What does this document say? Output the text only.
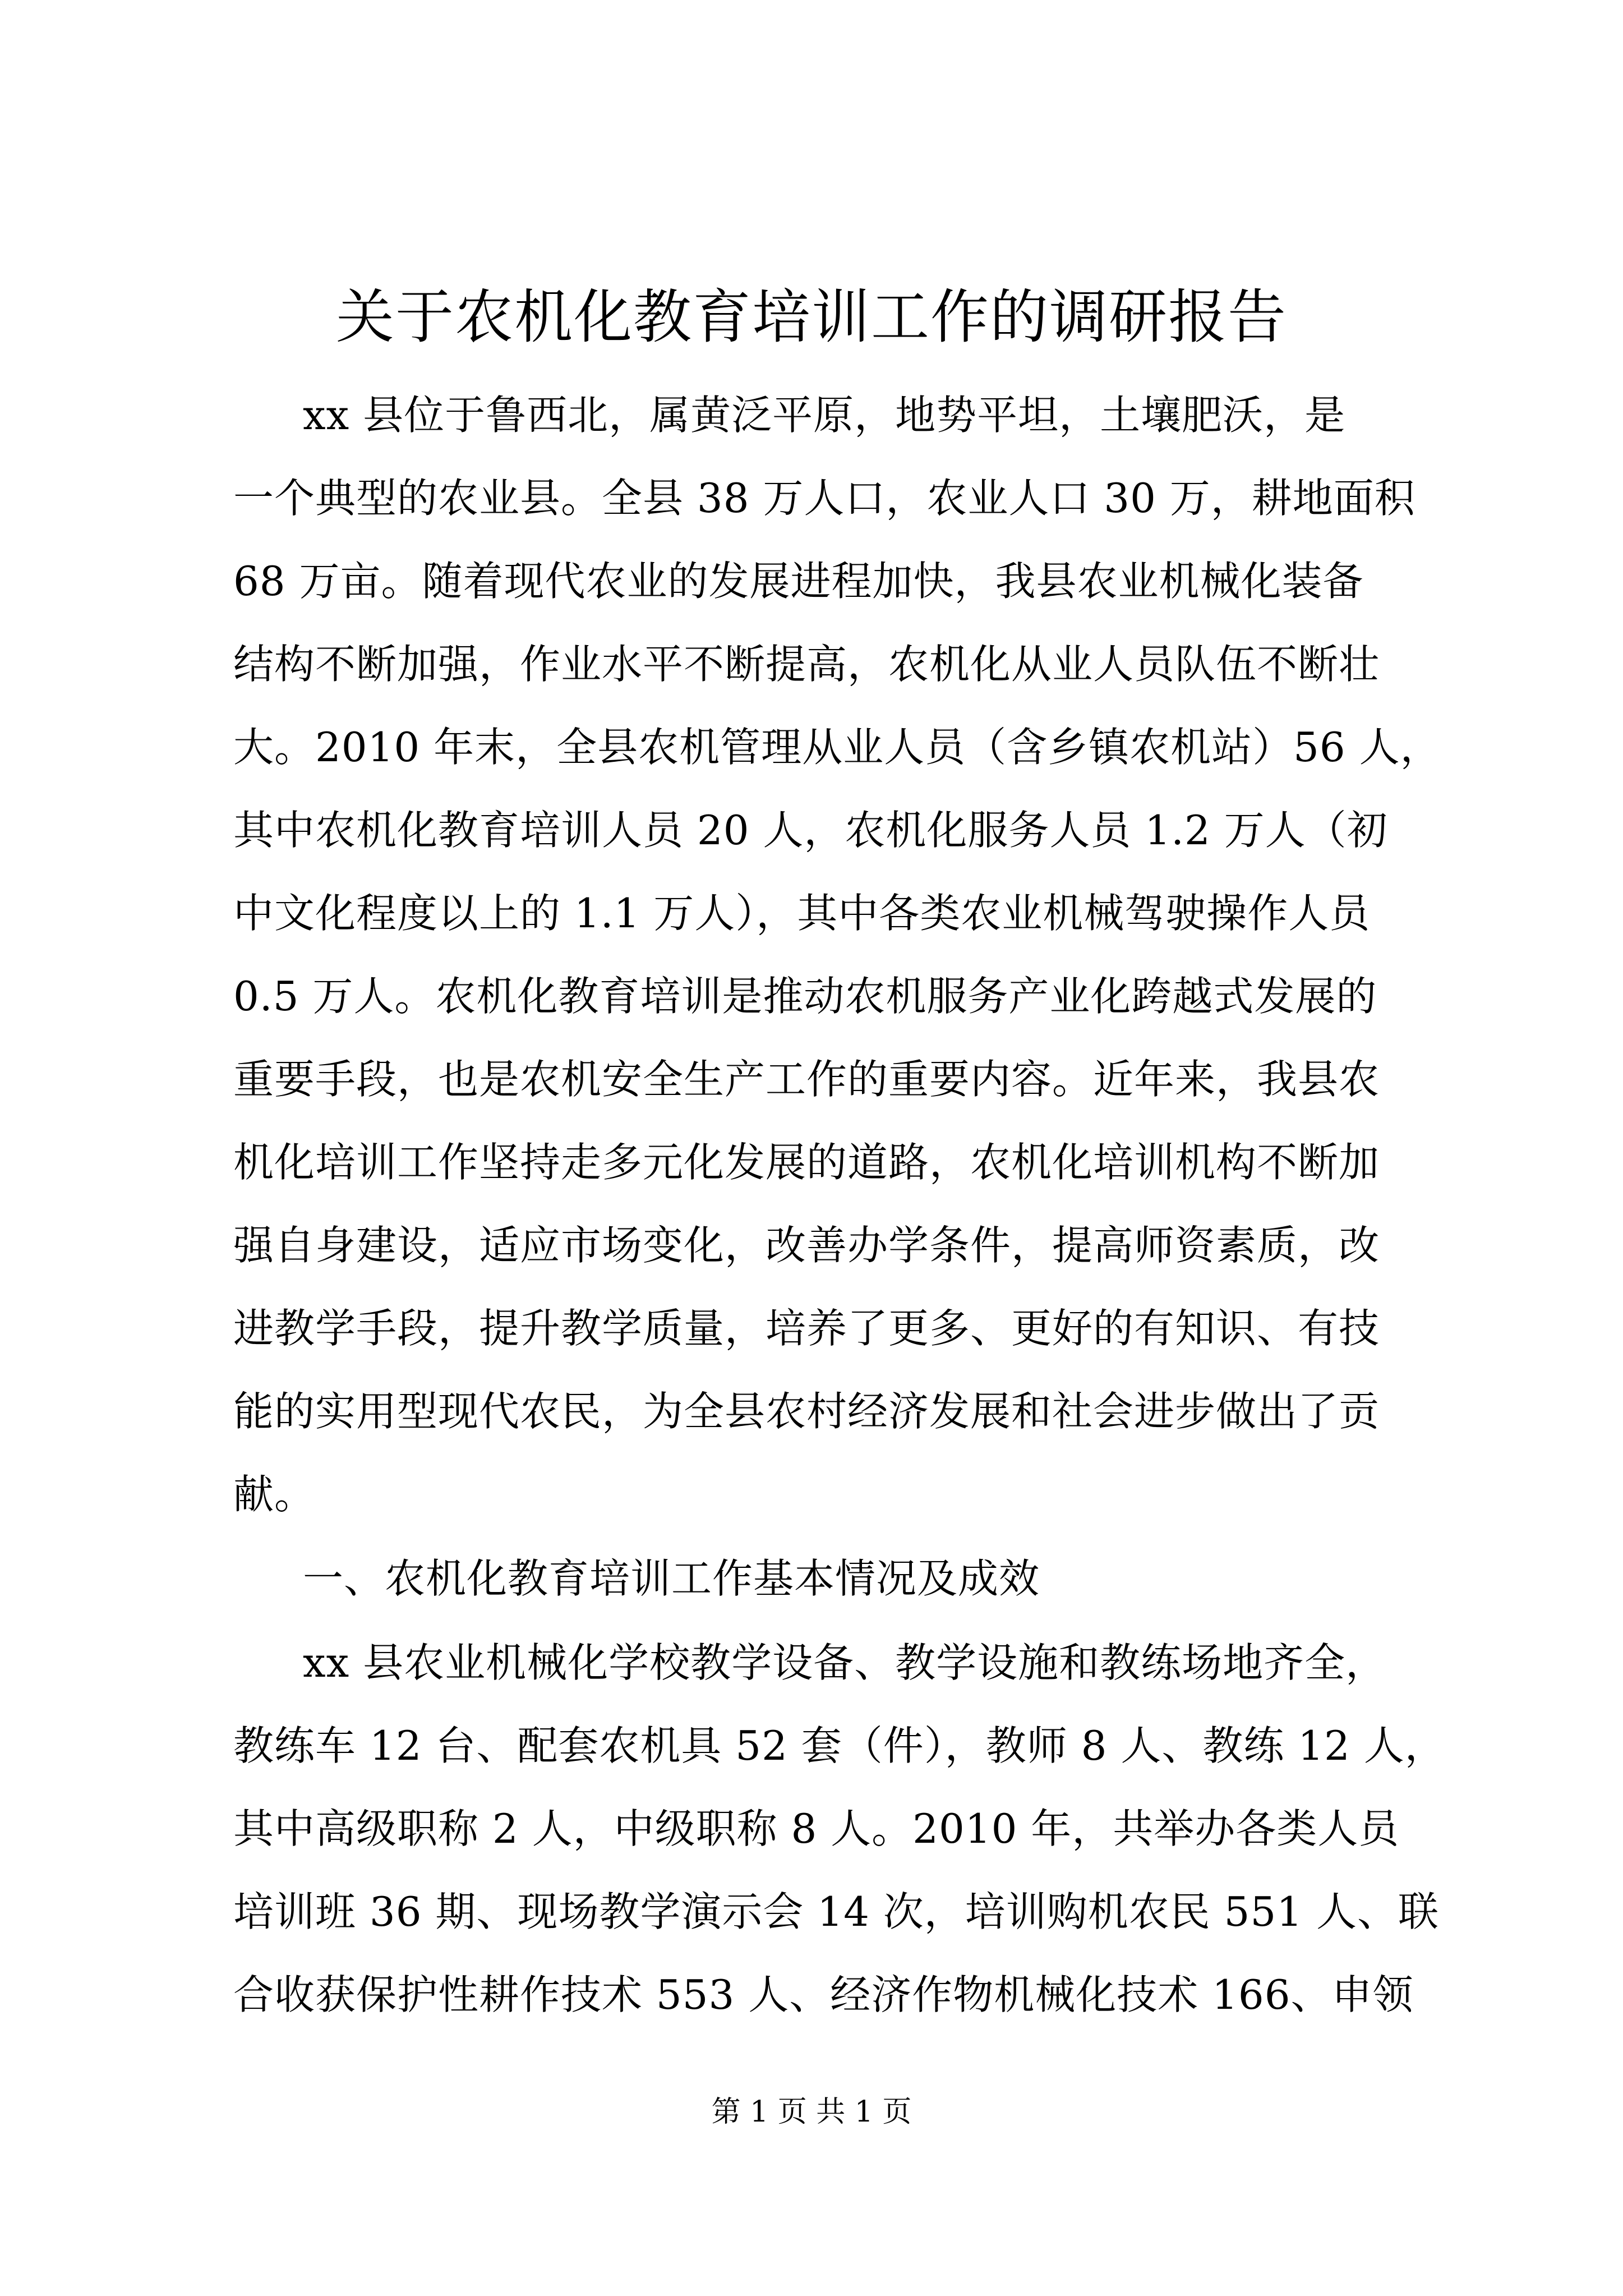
关于农机化教育培训工作的调研报告
xx 县位于鲁西北，属黄泛平原，地势平坦，土壤肥沃，是
一个典型的农业县。全县 38 万人口，农业人口 30 万，耕地面积
68 万亩。随着现代农业的发展进程加快，我县农业机械化装备
结构不断加强，作业水平不断提高，农机化从业人员队伍不断壮
大。2010 年末，全县农机管理从业人员（含乡镇农机站）56 人，
其中农机化教育培训人员 20 人，农机化服务人员 1.2 万人（初
中文化程度以上的 1.1 万人），其中各类农业机械驾驶操作人员
0.5 万人。农机化教育培训是推动农机服务产业化跨越式发展的
重要手段，也是农机安全生产工作的重要内容。近年来，我县农
机化培训工作坚持走多元化发展的道路，农机化培训机构不断加
强自身建设，适应市场变化，改善办学条件，提高师资素质，改
进教学手段，提升教学质量，培养了更多、更好的有知识、有技
能的实用型现代农民，为全县农村经济发展和社会进步做出了贡
献。
一、农机化教育培训工作基本情况及成效
xx 县农业机械化学校教学设备、教学设施和教练场地齐全，
教练车 12 台、配套农机具 52 套（件），教师 8 人、教练 12 人，
其中高级职称 2 人，中级职称 8 人。2010 年，共举办各类人员
培训班 36 期、现场教学演示会 14 次，培训购机农民 551 人、联
合收获保护性耕作技术 553 人、经济作物机械化技术 166、申领
第 1 页 共 1 页
